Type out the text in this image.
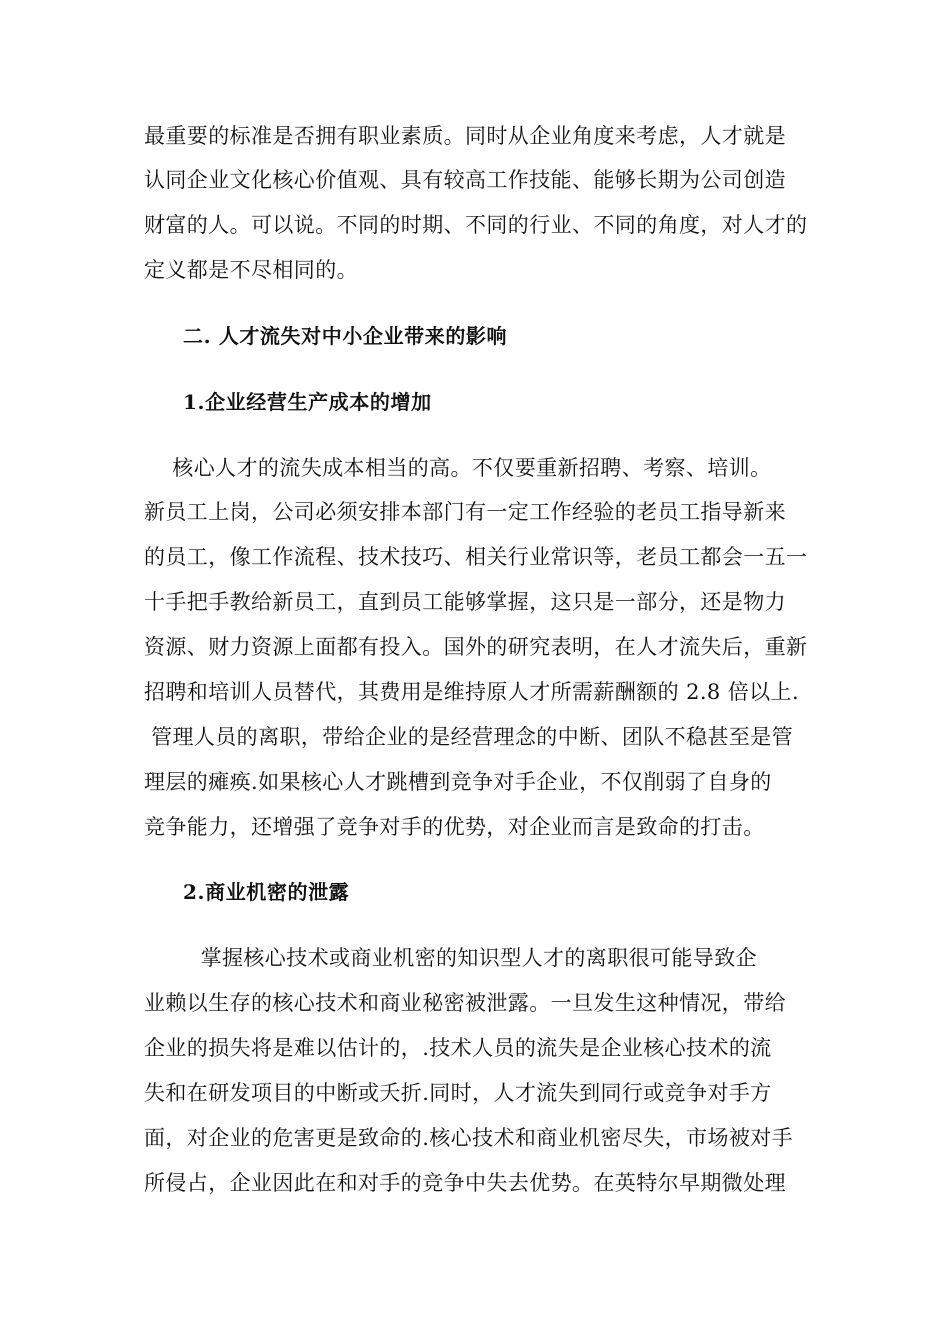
最重要的标准是否拥有职业素质。同时从企业角度来考虑，人才就是
认同企业文化核心价值观、具有较高工作技能、能够长期为公司创造
财富的人。可以说。不同的时期、不同的行业、不同的角度，对人才的
定义都是不尽相同的。
二. 人才流失对中小企业带来的影响
1.企业经营生产成本的增加
核心人才的流失成本相当的高。不仅要重新招聘、考察、培训。
新员工上岗，公司必须安排本部门有一定工作经验的老员工指导新来
的员工，像工作流程、技术技巧、相关行业常识等，老员工都会一五一
十手把手教给新员工，直到员工能够掌握，这只是一部分，还是物力
资源、财力资源上面都有投入。国外的研究表明，在人才流失后，重新
招聘和培训人员替代，其费用是维持原人才所需薪酬额的 2.8 倍以上.
管理人员的离职，带给企业的是经营理念的中断、团队不稳甚至是管
理层的瘫痪.如果核心人才跳槽到竞争对手企业，不仅削弱了自身的
竞争能力，还增强了竞争对手的优势，对企业而言是致命的打击。
2.商业机密的泄露
掌握核心技术或商业机密的知识型人才的离职很可能导致企
业赖以生存的核心技术和商业秘密被泄露。一旦发生这种情况，带给
企业的损失将是难以估计的，.技术人员的流失是企业核心技术的流
失和在研发项目的中断或夭折.同时，人才流失到同行或竞争对手方
面，对企业的危害更是致命的.核心技术和商业机密尽失，市场被对手
所侵占，企业因此在和对手的竞争中失去优势。在英特尔早期微处理
